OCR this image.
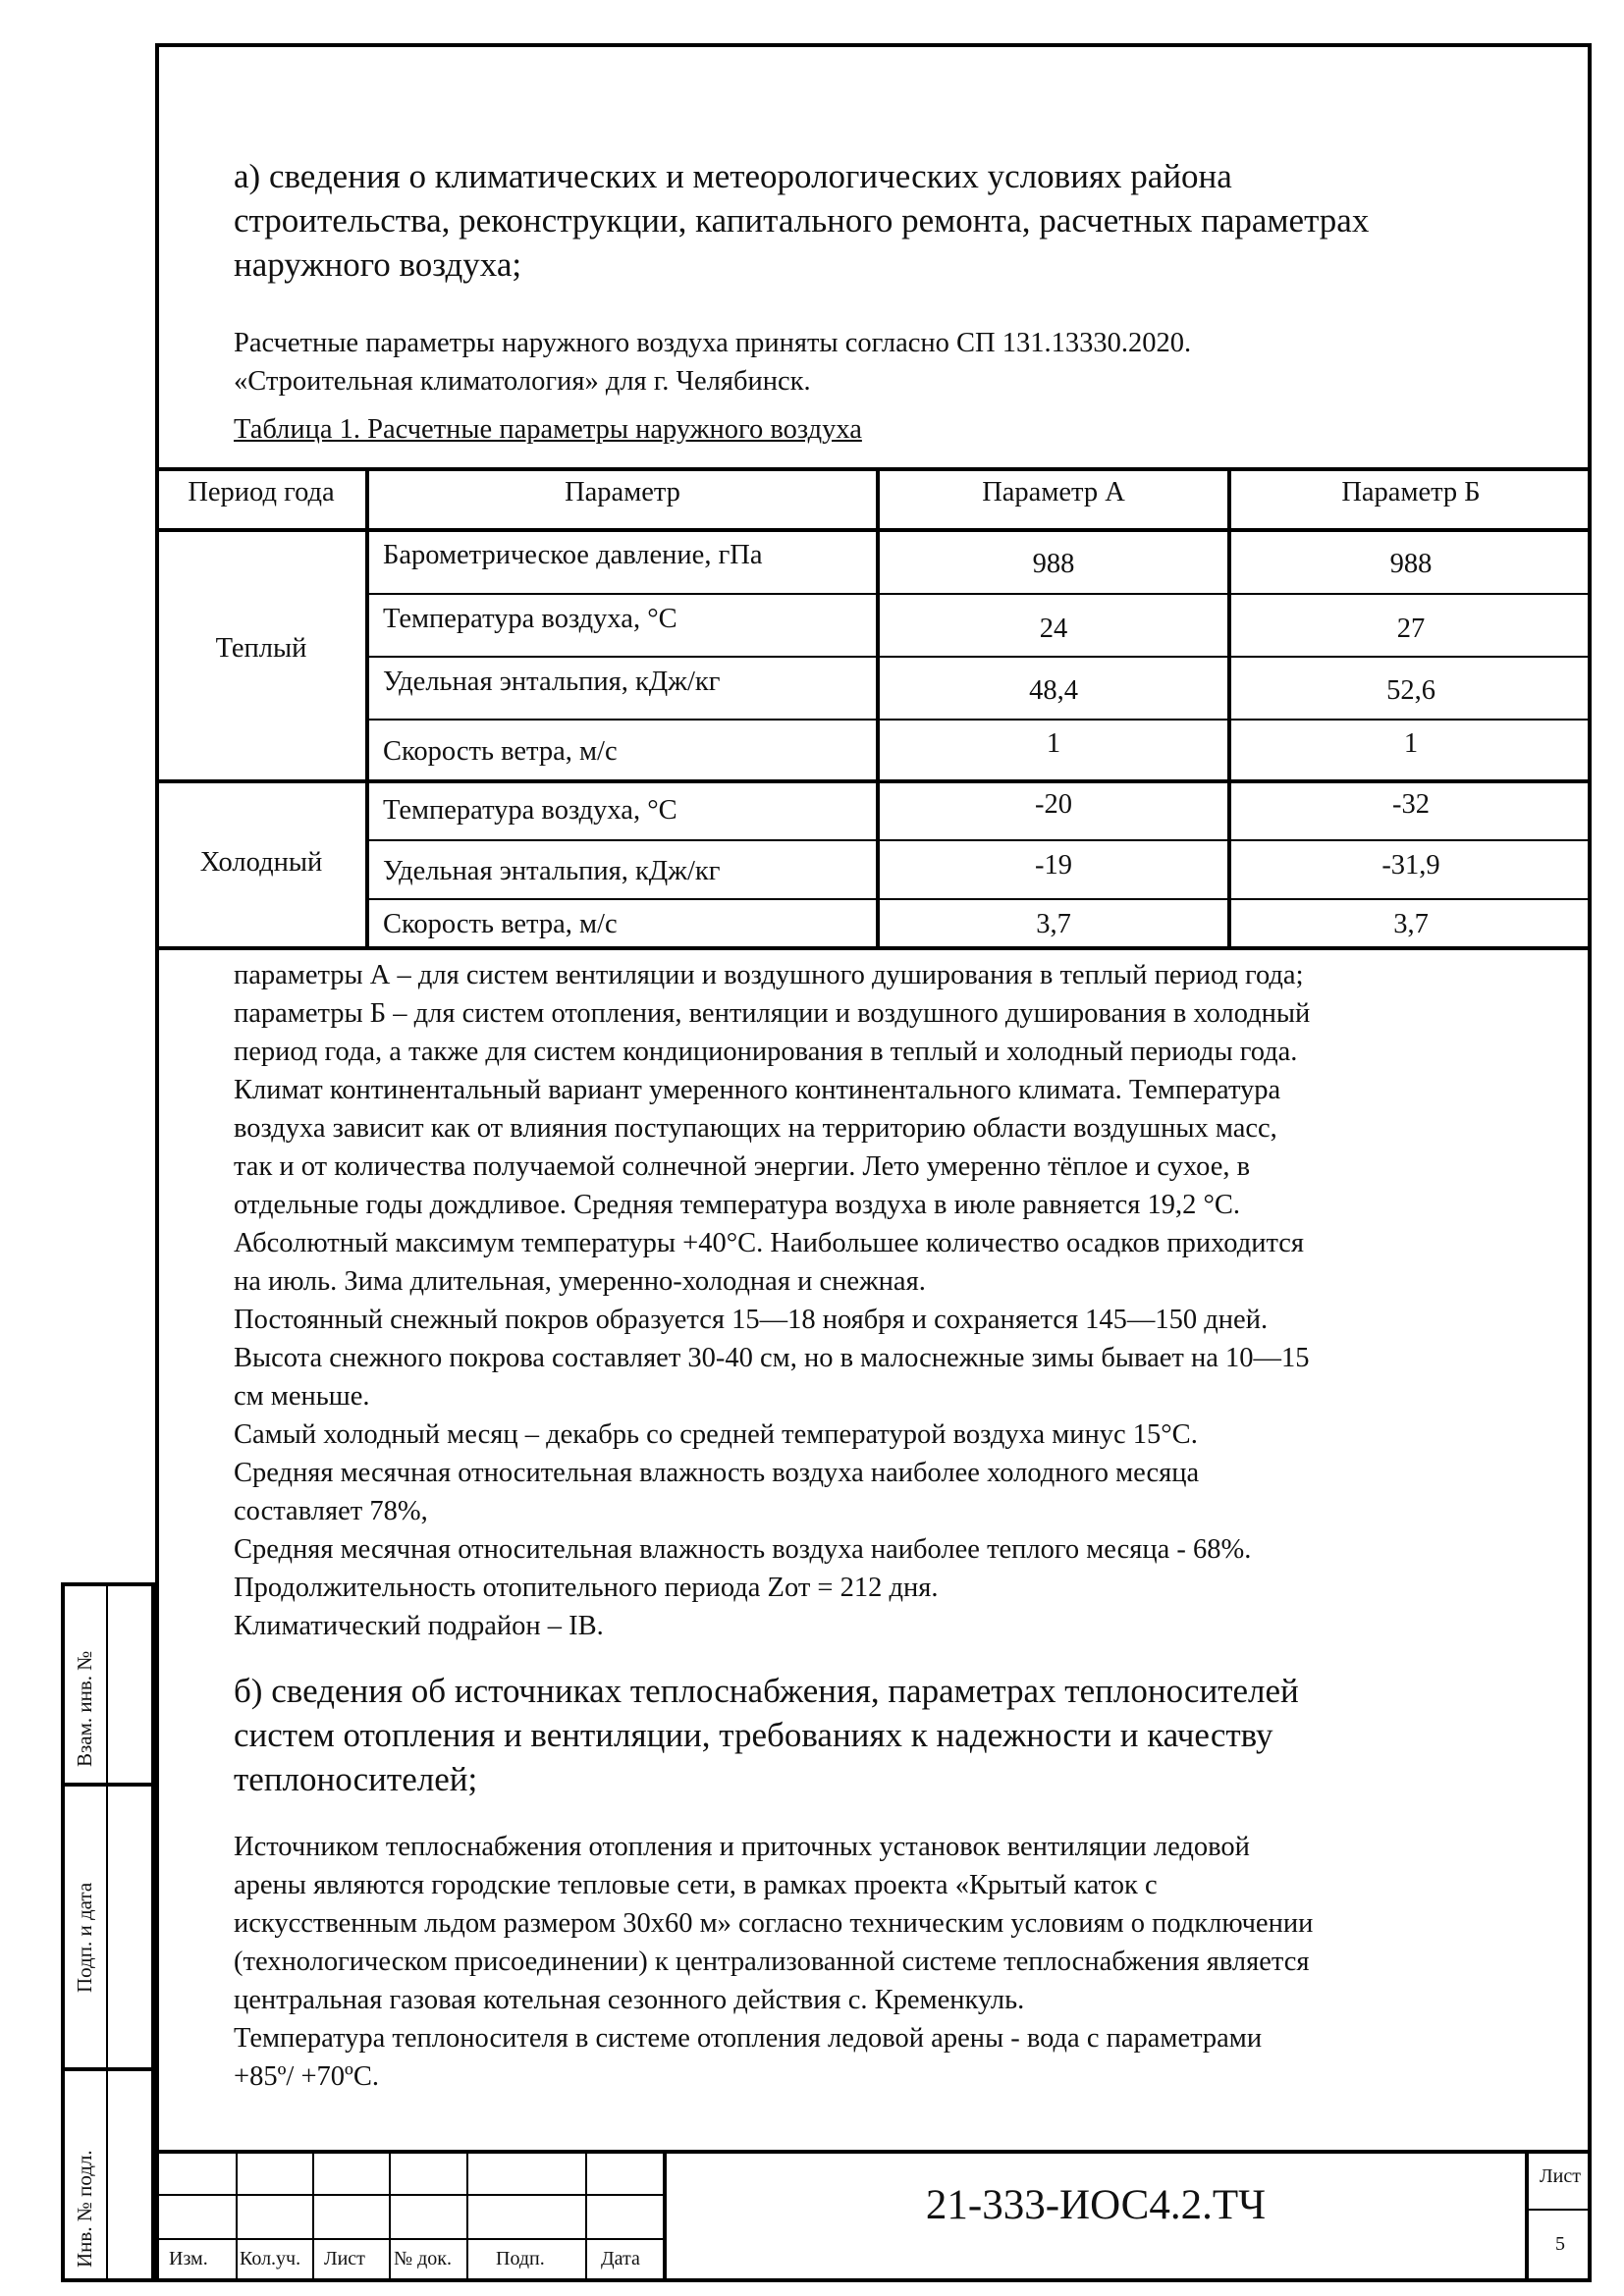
а) сведения о климатических и метеорологических условиях района
строительства, реконструкции, капитального ремонта, расчетных параметрах
наружного воздуха;
Расчетные параметры наружного воздуха приняты согласно СП 131.13330.2020.
«Строительная климатология» для г. Челябинск.
Таблица 1. Расчетные параметры наружного воздуха
Период года	Параметр	Параметр А	Параметр Б
Теплый
Барометрическое давление, гПа	988	988
Температура воздуха, °С	24	27
Удельная энтальпия, кДж/кг	48,4	52,6
Скорость ветра, м/с	1	1
Холодный
Температура воздуха, °С	-20	-32
Удельная энтальпия, кДж/кг	-19	-31,9
Скорость ветра, м/с	3,7	3,7
параметры А – для систем вентиляции и воздушного душирования в теплый период года;
параметры Б – для систем отопления, вентиляции и воздушного душирования в холодный
период года, а также для систем кондиционирования в теплый и холодный периоды года.
Климат континентальный вариант умеренного континентального климата. Температура
воздуха зависит как от влияния поступающих на территорию области воздушных масс,
так и от количества получаемой солнечной энергии. Лето умеренно тёплое и сухое, в
отдельные годы дождливое. Средняя температура воздуха в июле равняется 19,2 °С.
Абсолютный максимум температуры +40°С. Наибольшее количество осадков приходится
на июль. Зима длительная, умеренно-холодная и снежная.
Постоянный снежный покров образуется 15—18 ноября и сохраняется 145—150 дней.
Высота снежного покрова составляет 30-40 см, но в малоснежные зимы бывает на 10—15
см меньше.
Самый холодный месяц – декабрь со средней температурой воздуха минус 15°С.
Средняя месячная относительная влажность воздуха наиболее холодного месяца
составляет 78%,
Средняя месячная относительная влажность воздуха наиболее теплого месяца - 68%.
Продолжительность отопительного периода Zот = 212 дня.
Климатический подрайон – IВ.
б) сведения об источниках теплоснабжения, параметрах теплоносителей
систем отопления и вентиляции, требованиях к надежности и качеству
теплоносителей;
Источником теплоснабжения отопления и приточных установок вентиляции ледовой
арены являются городские тепловые сети, в рамках проекта «Крытый каток с
искусственным льдом размером 30х60 м» согласно техническим условиям о подключении
(технологическом присоединении) к централизованной системе теплоснабжения является
центральная газовая котельная сезонного действия с. Кременкуль.
Температура теплоносителя в системе отопления ледовой арены - вода с параметрами
+85º/ +70ºС.
Взам. инв. №
Подп. и дата
Инв. № подл.	Изм. Кол.уч. Лист № док. Подп.	Дата
21-333-ИОС4.2.ТЧ
Лист
5
